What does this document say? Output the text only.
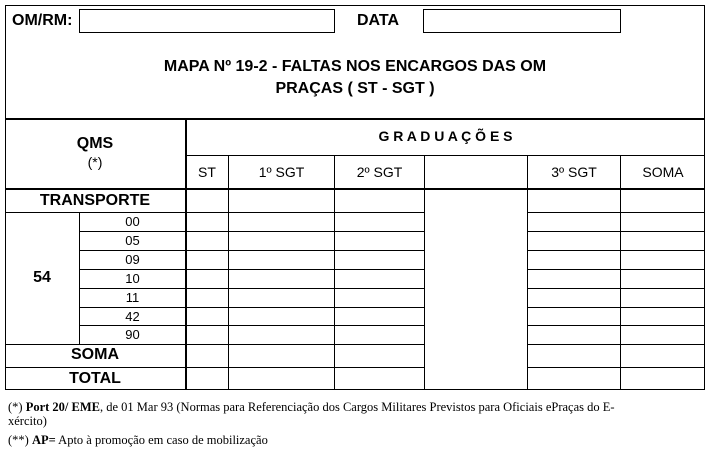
OM/RM:	DATA
MAPA Nº 19-2 - FALTAS NOS ENCARGOS DAS OM
PRAÇAS ( ST - SGT )
QMS
(*)
G R A D U A Ç Õ E S
ST	1º SGT	2º SGT	3º SGT	SOMA
TRANSPORTE
54
00
05
09
10
11
42
90
SOMA
TOTAL
(*) Port 20/ EME, de 01 Mar 93 (Normas para Referenciação dos Cargos Militares Previstos para Oficiais ePraças do E-
xército)
(**) AP= Apto à promoção em caso de mobilização
